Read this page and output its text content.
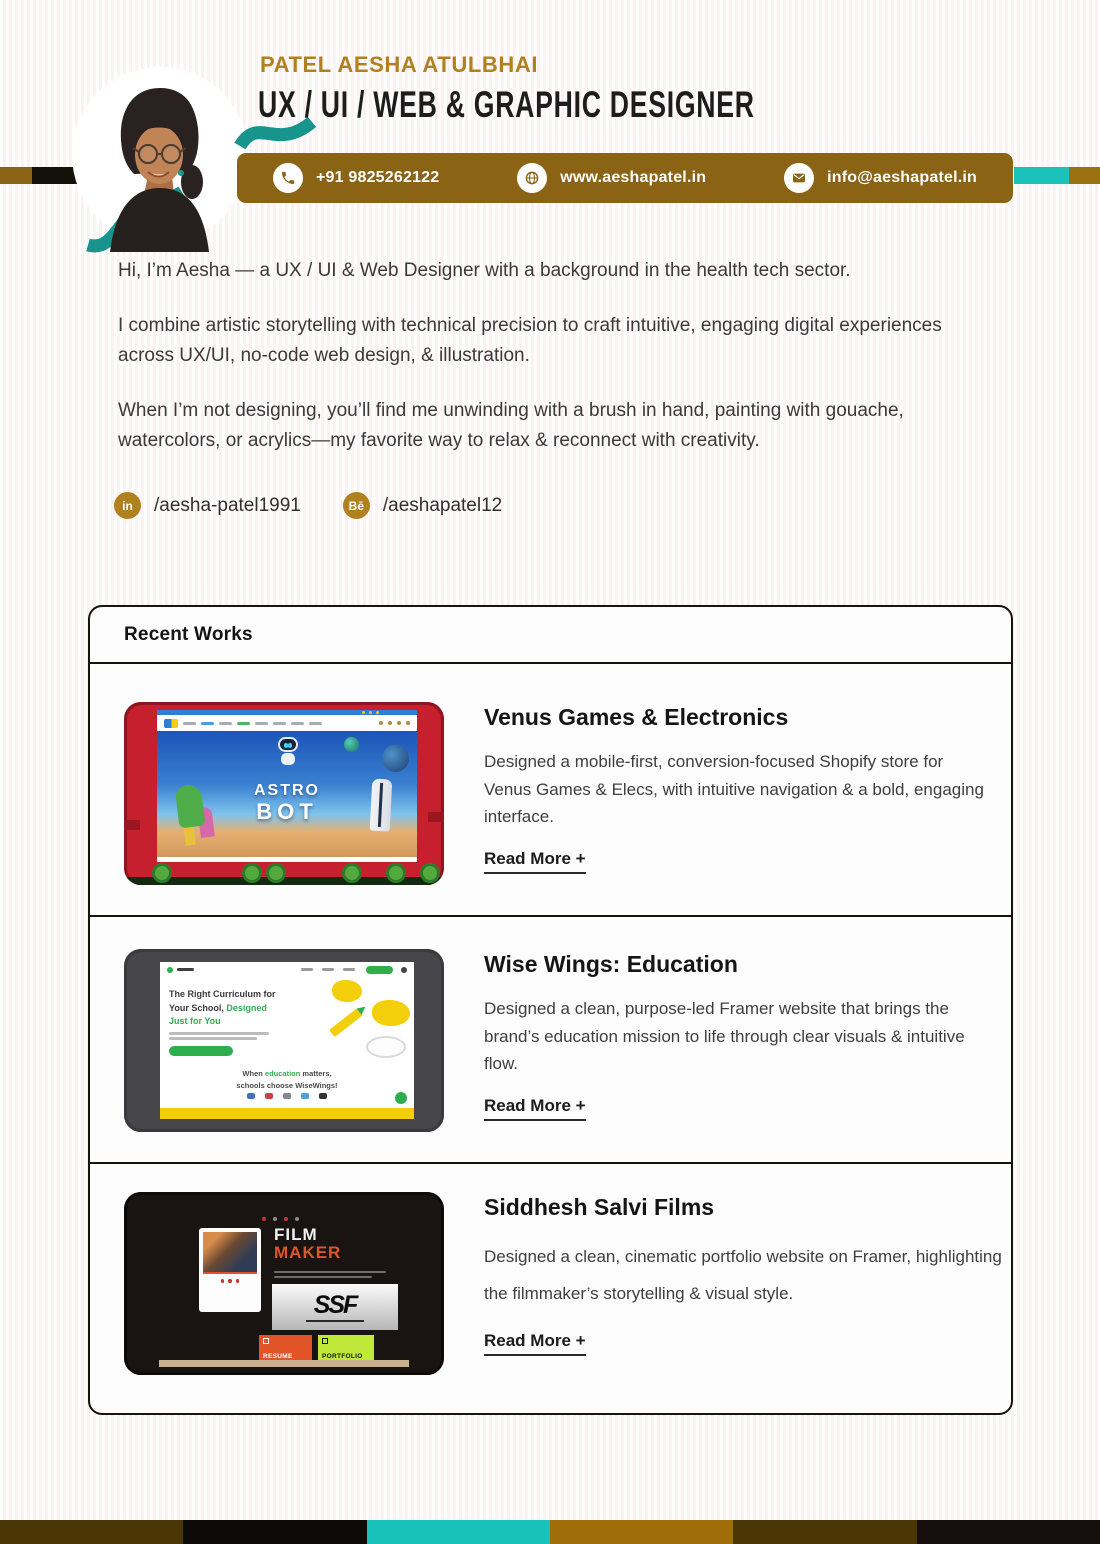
PATEL AESHA ATULBHAI
UX / UI / WEB & GRAPHIC DESIGNER
+91 9825262122	www.aeshapatel.in	info@aeshapatel.in

Hi, I’m Aesha — a UX / UI & Web Designer with a background in the health tech sector.

I combine artistic storytelling with technical precision to craft intuitive, engaging digital experiences across UX/UI, no-code web design, & illustration.

When I’m not designing, you’ll find me unwinding with a brush in hand, painting with gouache, watercolors, or acrylics—my favorite way to relax & reconnect with creativity.

in	/aesha-patel1991	Bē /aeshapatel12
Recent Works
ASTRO
BOT
Venus Games & Electronics
Designed a mobile-first, conversion-focused Shopify store for Venus Games & Elecs, with intuitive navigation & a bold, engaging interface.
Read More +
The Right Curriculum for
Your School, Designed
Just for You
When education matters,
schools choose WiseWings!
Wise Wings: Education
Designed a clean, purpose-led Framer website that brings the brand’s education mission to life through clear visuals & intuitive flow.
Read More +
FILM
MAKER
SSF
RESUME	PORTFOLIO
Siddhesh Salvi Films
Designed a clean, cinematic portfolio website on Framer, highlighting the filmmaker’s storytelling & visual style.
Read More +
